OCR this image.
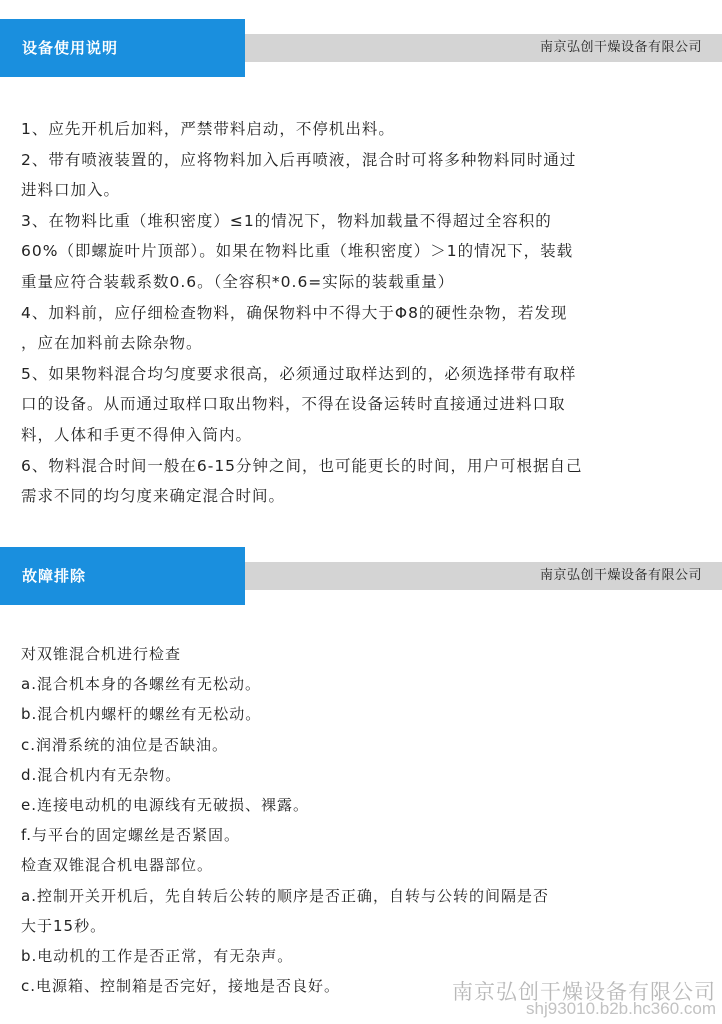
设备使用说明	南京弘创干燥设备有限公司
1、应先开机后加料，严禁带料启动，不停机出料。
2、带有喷液装置的，应将物料加入后再喷液，混合时可将多种物料同时通过
进料口加入。
3、在物料比重（堆积密度）≤1的情况下，物料加载量不得超过全容积的
60%（即螺旋叶片顶部）。如果在物料比重（堆积密度）＞1的情况下，装载
重量应符合装载系数0.6。（全容积*0.6=实际的装载重量）
4、加料前，应仔细检查物料，确保物料中不得大于Φ8的硬性杂物，若发现
，应在加料前去除杂物。
5、如果物料混合均匀度要求很高，必须通过取样达到的，必须选择带有取样
口的设备。从而通过取样口取出物料，不得在设备运转时直接通过进料口取
料，人体和手更不得伸入筒内。
6、物料混合时间一般在6-15分钟之间，也可能更长的时间，用户可根据自己
需求不同的均匀度来确定混合时间。
故障排除	南京弘创干燥设备有限公司
对双锥混合机进行检查
a.混合机本身的各螺丝有无松动。
b.混合机内螺杆的螺丝有无松动。
c.润滑系统的油位是否缺油。
d.混合机内有无杂物。
e.连接电动机的电源线有无破损、裸露。
f.与平台的固定螺丝是否紧固。
检查双锥混合机电器部位。
a.控制开关开机后，先自转后公转的顺序是否正确，自转与公转的间隔是否
大于15秒。
b.电动机的工作是否正常，有无杂声。
c.电源箱、控制箱是否完好，接地是否良好。	南京弘创干燥设备有限公司
shj93010.b2b.hc360.com
